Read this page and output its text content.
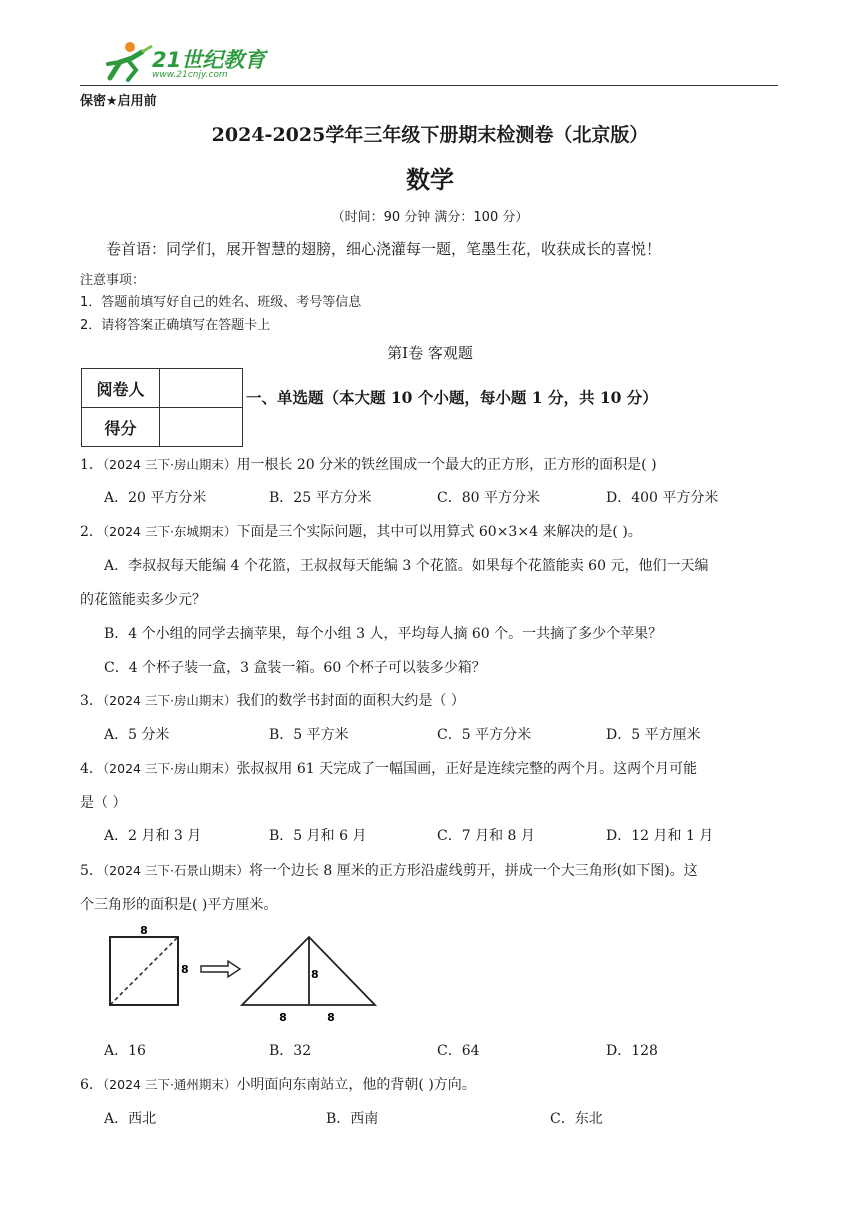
21世纪教育
www.21cnjy.com
保密★启用前
2024-2025学年三年级下册期末检测卷（北京版）
数学
（时间：90 分钟 满分：100 分）
卷首语：同学们，展开智慧的翅膀，细心浇灌每一题，笔墨生花，收获成长的喜悦！
注意事项：
1．答题前填写好自己的姓名、班级、考号等信息
2．请将答案正确填写在答题卡上
第Ⅰ卷 客观题
阅卷人	
得分	
一、单选题（本大题 10 个小题，每小题 1 分，共 10 分）
1．（2024 三下·房山期末）用一根长 20 分米的铁丝围成一个最大的正方形，正方形的面积是( )
A．20 平方分米	B．25 平方分米	C．80 平方分米	D．400 平方分米
2．（2024 三下·东城期末）下面是三个实际问题，其中可以用算式 60×3×4 来解决的是( )。
A．李叔叔每天能编 4 个花篮，王叔叔每天能编 3 个花篮。如果每个花篮能卖 60 元，他们一天编
的花篮能卖多少元？
B．4 个小组的同学去摘苹果，每个小组 3 人，平均每人摘 60 个。一共摘了多少个苹果？
C．4 个杯子装一盒，3 盒装一箱。60 个杯子可以装多少箱？
3．（2024 三下·房山期末）我们的数学书封面的面积大约是（ ）
A．5 分米	B．5 平方米	C．5 平方分米	D．5 平方厘米
4．（2024 三下·房山期末）张叔叔用 61 天完成了一幅国画，正好是连续完整的两个月。这两个月可能
是（ ）
A．2 月和 3 月	B．5 月和 6 月	C．7 月和 8 月	D．12 月和 1 月
5．（2024 三下·石景山期末）将一个边长 8 厘米的正方形沿虚线剪开，拼成一个大三角形(如下图)。这
个三角形的面积是( )平方厘米。
8
8	8
8	8
A．16	B．32	C．64	D．128
6．（2024 三下·通州期末）小明面向东南站立，他的背朝( )方向。
A．西北	B．西南	C．东北
